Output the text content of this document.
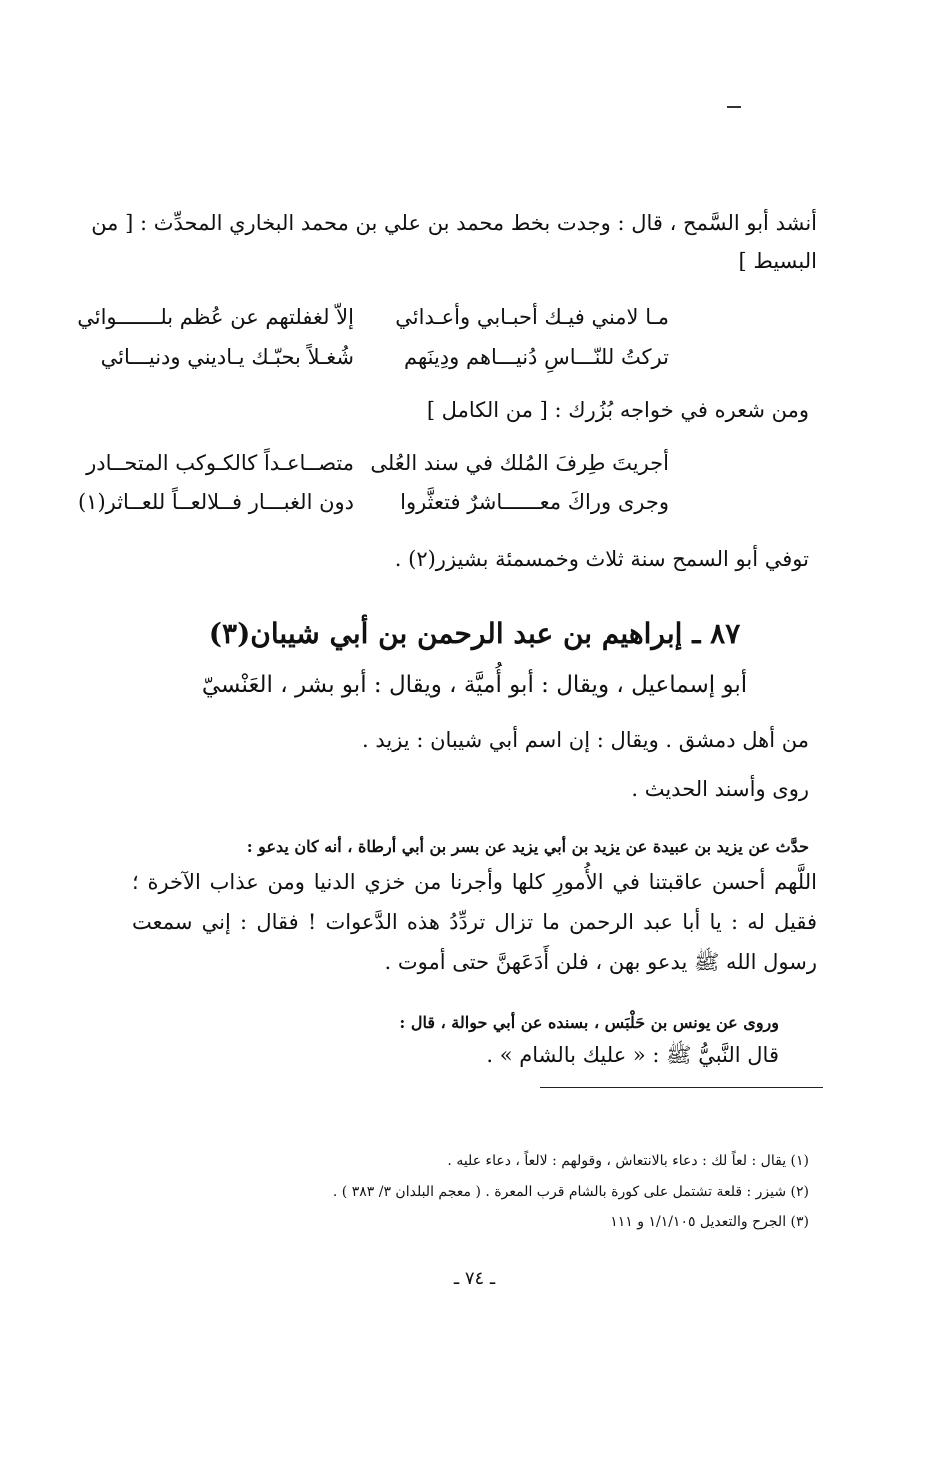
أنشد أبو السَّمح ، قال : وجدت بخط محمد بن علي بن محمد البخاري المحدِّث : [ من
البسيط ]
مـا لامني فيـك أحبـابي وأعـدائي
إلاّ لغفلتهم عن عُظم بلـــــــوائي
تركتُ للنّـــاسِ دُنيـــاهم ودِينَهم
شُغـلاً بحبّـك يـاديني ودنيـــائي
ومن شعره في خواجه بُزُرك : [ من الكامل ]
أجريتَ طِرفَ المُلك في سند العُلى
متصــاعـداً كالكـوكب المتحــادر
وجرى وراكَ معــــــاشرٌ فتعثَّروا
دون الغبـــار فــلالعــاً للعــاثر(١)
توفي أبو السمح سنة ثلاث وخمسمئة بشيزر(٢) .
٨٧ ـ إبراهيم بن عبد الرحمن بن أبي شيبان(٣)
أبو إسماعيل ، ويقال : أبو أُميَّة ، ويقال : أبو بشر ، العَنْسيّ
من أهل دمشق . ويقال : إن اسم أبي شيبان : يزيد .
روى وأسند الحديث .
حدَّث عن يزيد بن عبيدة عن يزيد بن أبي يزيد عن بسر بن أبي أرطاة ، أنه كان يدعو :
اللَّهم أحسن عاقبتنا في الأُمورِ كلها وأجرنا من خزي الدنيا ومن عذاب الآخرة ؛ فقيل له : يا أبا عبد الرحمن ما تزال تردِّدُ هذه الدَّعوات ! فقال : إني سمعت رسول الله ﷺ يدعو بهن ، فلن أَدَعَهنَّ حتى أموت .
وروى عن يونس بن حَلْبَس ، بسنده عن أبي حوالة ، قال :
قال النَّبيُّ ﷺ : « عليك بالشام » .
(١) يقال : لعاً لك : دعاء بالانتعاش ، وقولهم : لالعاً ، دعاء عليه .
(٢) شيزر : قلعة تشتمل على كورة بالشام قرب المعرة . ( معجم البلدان ٣/ ٣٨٣ ) .
(٣) الجرح والتعديل ١/١/١٠٥ و ١١١
ـ ٧٤ ـ
